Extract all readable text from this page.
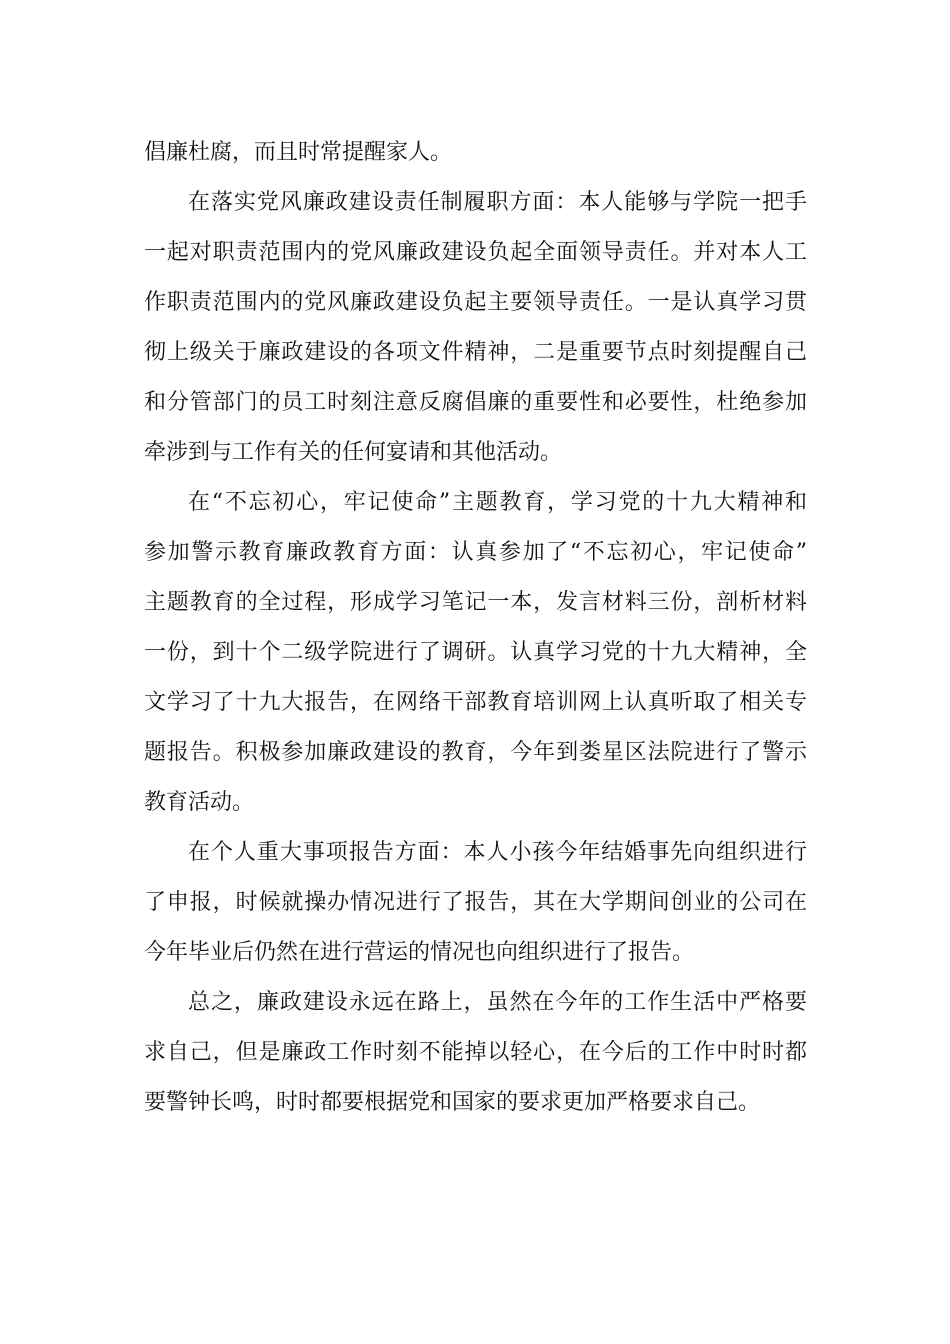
倡廉杜腐，而且时常提醒家人。
在落实党风廉政建设责任制履职方面：本人能够与学院一把手
一起对职责范围内的党风廉政建设负起全面领导责任。并对本人工
作职责范围内的党风廉政建设负起主要领导责任。一是认真学习贯
彻上级关于廉政建设的各项文件精神，二是重要节点时刻提醒自己
和分管部门的员工时刻注意反腐倡廉的重要性和必要性，杜绝参加
牵涉到与工作有关的任何宴请和其他活动。
在“不忘初心，牢记使命”主题教育，学习党的十九大精神和
参加警示教育廉政教育方面：认真参加了“不忘初心，牢记使命”
主题教育的全过程，形成学习笔记一本，发言材料三份，剖析材料
一份，到十个二级学院进行了调研。认真学习党的十九大精神，全
文学习了十九大报告，在网络干部教育培训网上认真听取了相关专
题报告。积极参加廉政建设的教育，今年到娄星区法院进行了警示
教育活动。
在个人重大事项报告方面：本人小孩今年结婚事先向组织进行
了申报，时候就操办情况进行了报告，其在大学期间创业的公司在
今年毕业后仍然在进行营运的情况也向组织进行了报告。
总之，廉政建设永远在路上，虽然在今年的工作生活中严格要
求自己，但是廉政工作时刻不能掉以轻心，在今后的工作中时时都
要警钟长鸣，时时都要根据党和国家的要求更加严格要求自己。
